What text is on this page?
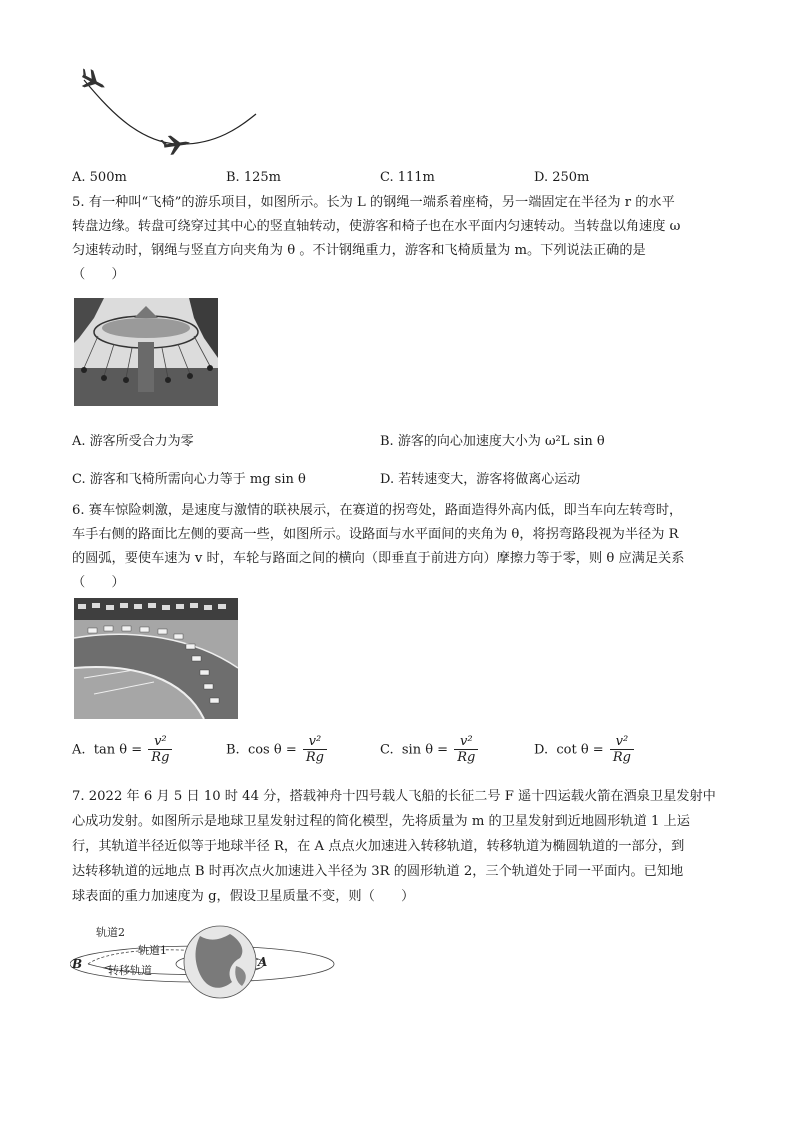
A. 500m	B. 125m	C. 111m	D. 250m
5. 有一种叫“飞椅”的游乐项目，如图所示。长为 L 的钢绳一端系着座椅，另一端固定在半径为 r 的水平
转盘边缘。转盘可绕穿过其中心的竖直轴转动，使游客和椅子也在水平面内匀速转动。当转盘以角速度 ω
匀速转动时，钢绳与竖直方向夹角为 θ 。不计钢绳重力，游客和飞椅质量为 m。下列说法正确的是
（　　）
A. 游客所受合力为零	B. 游客的向心加速度大小为 ω²L sin θ
C. 游客和飞椅所需向心力等于 mg sin θ	D. 若转速变大，游客将做离心运动
6. 赛车惊险刺激，是速度与激情的联袂展示，在赛道的拐弯处，路面造得外高内低，即当车向左转弯时，
车手右侧的路面比左侧的要高一些，如图所示。设路面与水平面间的夹角为 θ，将拐弯路段视为半径为 R
的圆弧，要使车速为 v 时，车轮与路面之间的横向（即垂直于前进方向）摩擦力等于零，则 θ 应满足关系
（　　）
A. $\tan \theta = \frac{\text{v²}}{Rg}$	B. $\cos \theta = \frac{\text{v²}}{Rg}$	C. $\sin \theta = \frac{\text{v²}}{Rg}$	D. $\cot \theta = \frac{\text{v²}}{Rg}$
7. 2022 年 6 月 5 日 10 时 44 分，搭载神舟十四号载人飞船的长征二号 F 遥十四运载火箭在酒泉卫星发射中
心成功发射。如图所示是地球卫星发射过程的简化模型，先将质量为 m 的卫星发射到近地圆形轨道 1 上运
行，其轨道半径近似等于地球半径 R，在 A 点点火加速进入转移轨道，转移轨道为椭圆轨道的一部分，到
达转移轨道的远地点 B 时再次点火加速进入半径为 3R 的圆形轨道 2，三个轨道处于同一平面内。已知地
球表面的重力加速度为 g，假设卫星质量不变，则（　　）
轨道2
轨道1
转移轨道
B	A
